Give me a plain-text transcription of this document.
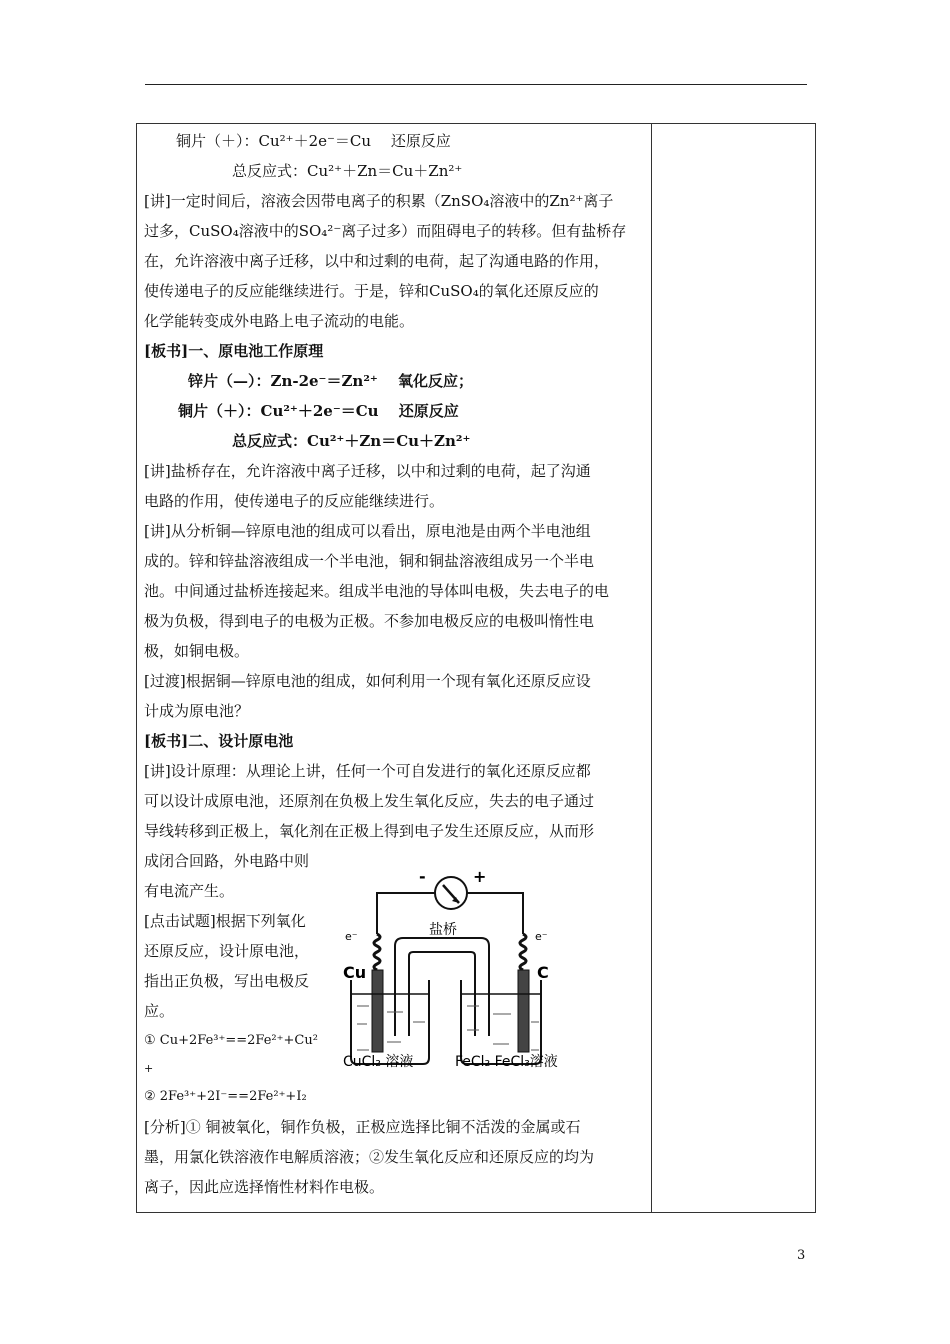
铜片（＋）：Cu²⁺＋2e⁻＝Cu　 还原反应
总反应式：Cu²⁺＋Zn＝Cu＋Zn²⁺
[讲]一定时间后，溶液会因带电离子的积累（ZnSO₄溶液中的Zn²⁺离子
过多，CuSO₄溶液中的SO₄²⁻离子过多）而阻碍电子的转移。但有盐桥存
在，允许溶液中离子迁移，以中和过剩的电荷，起了沟通电路的作用，
使传递电子的反应能继续进行。于是，锌和CuSO₄的氧化还原反应的
化学能转变成外电路上电子流动的电能。
[板书]一、原电池工作原理
锌片（—）：Zn-2e⁻＝Zn²⁺　 氧化反应；
铜片（＋）：Cu²⁺＋2e⁻＝Cu　 还原反应
总反应式：Cu²⁺＋Zn＝Cu＋Zn²⁺
[讲]盐桥存在，允许溶液中离子迁移，以中和过剩的电荷，起了沟通
电路的作用，使传递电子的反应能继续进行。
[讲]从分析铜—锌原电池的组成可以看出，原电池是由两个半电池组
成的。锌和锌盐溶液组成一个半电池，铜和铜盐溶液组成另一个半电
池。中间通过盐桥连接起来。组成半电池的导体叫电极，失去电子的电
极为负极，得到电子的电极为正极。不参加电极反应的电极叫惰性电
极，如铜电极。
[过渡]根据铜—锌原电池的组成，如何利用一个现有氧化还原反应设
计成为原电池？
[板书]二、设计原电池
[讲]设计原理：从理论上讲，任何一个可自发进行的氧化还原反应都
可以设计成原电池，还原剂在负极上发生氧化反应，失去的电子通过
导线转移到正极上，氧化剂在正极上得到电子发生还原反应，从而形
成闭合回路，外电路中则
有电流产生。
[点击试题]根据下列氧化
还原反应，设计原电池，
指出正负极，写出电极反
应。
① Cu+2Fe³⁺==2Fe²⁺+Cu²
+
② 2Fe³⁺+2I⁻==2Fe²⁺+I₂
[分析]① 铜被氧化，铜作负极，正极应选择比铜不活泼的金属或石
墨，用氯化铁溶液作电解质溶液；②发生氧化反应和还原反应的均为
离子，因此应选择惰性材料作电极。
-	+
e⁻	e⁻
盐桥
Cu	C
CuCl₂ 溶液	FeCl₂ FeCl₃溶液

3
